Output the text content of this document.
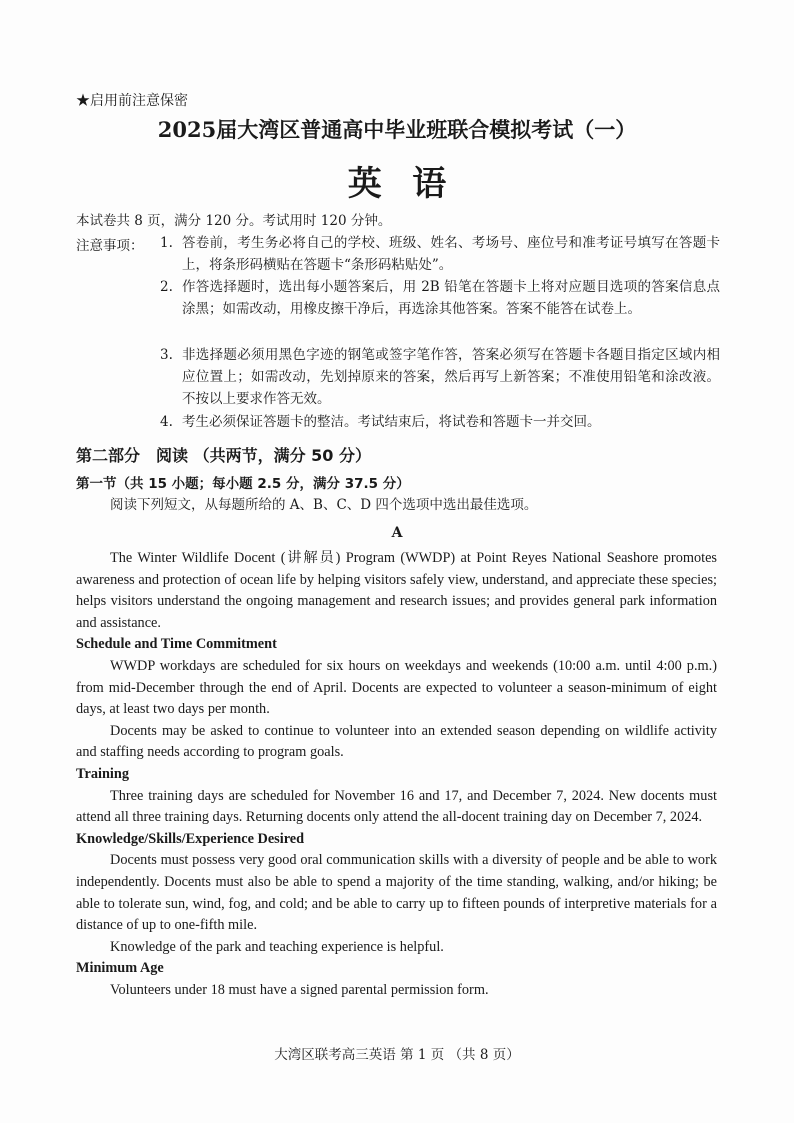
★启用前注意保密
2025届大湾区普通高中毕业班联合模拟考试（一）
英语
本试卷共 8 页，满分 120 分。考试用时 120 分钟。
注意事项： 1. 答卷前，考生务必将自己的学校、班级、姓名、考场号、座位号和准考证号填写在答题卡上，将条形码横贴在答题卡“条形码粘贴处”。
2. 作答选择题时，选出每小题答案后，用 2B 铅笔在答题卡上将对应题目选项的答案信息点涂黑；如需改动，用橡皮擦干净后，再选涂其他答案。答案不能答在试卷上。
3. 非选择题必须用黑色字迹的钢笔或签字笔作答，答案必须写在答题卡各题目指定区域内相应位置上；如需改动，先划掉原来的答案，然后再写上新答案；不准使用铅笔和涂改液。不按以上要求作答无效。
4. 考生必须保证答题卡的整洁。考试结束后，将试卷和答题卡一并交回。
第二部分　阅读 （共两节，满分 50 分）
第一节（共 15 小题；每小题 2.5 分，满分 37.5 分）
阅读下列短文，从每题所给的 A、B、C、D 四个选项中选出最佳选项。
A

The Winter Wildlife Docent (讲解员) Program (WWDP) at Point Reyes National Seashore promotes awareness and protection of ocean life by helping visitors safely view, understand, and appreciate these species; helps visitors understand the ongoing management and research issues; and provides general park information and assistance.

Schedule and Time Commitment

WWDP workdays are scheduled for six hours on weekdays and weekends (10:00 a.m. until 4:00 p.m.) from mid-December through the end of April. Docents are expected to volunteer a season-minimum of eight days, at least two days per month.

Docents may be asked to continue to volunteer into an extended season depending on wildlife activity and staffing needs according to program goals.

Training

Three training days are scheduled for November 16 and 17, and December 7, 2024. New docents must attend all three training days. Returning docents only attend the all-docent training day on December 7, 2024.

Knowledge/Skills/Experience Desired

Docents must possess very good oral communication skills with a diversity of people and be able to work independently. Docents must also be able to spend a majority of the time standing, walking, and/or hiking; be able to tolerate sun, wind, fog, and cold; and be able to carry up to fifteen pounds of interpretive materials for a distance of up to one-fifth mile.

Knowledge of the park and teaching experience is helpful.

Minimum Age

Volunteers under 18 must have a signed parental permission form.

大湾区联考高三英语 第 1 页 （共 8 页）
